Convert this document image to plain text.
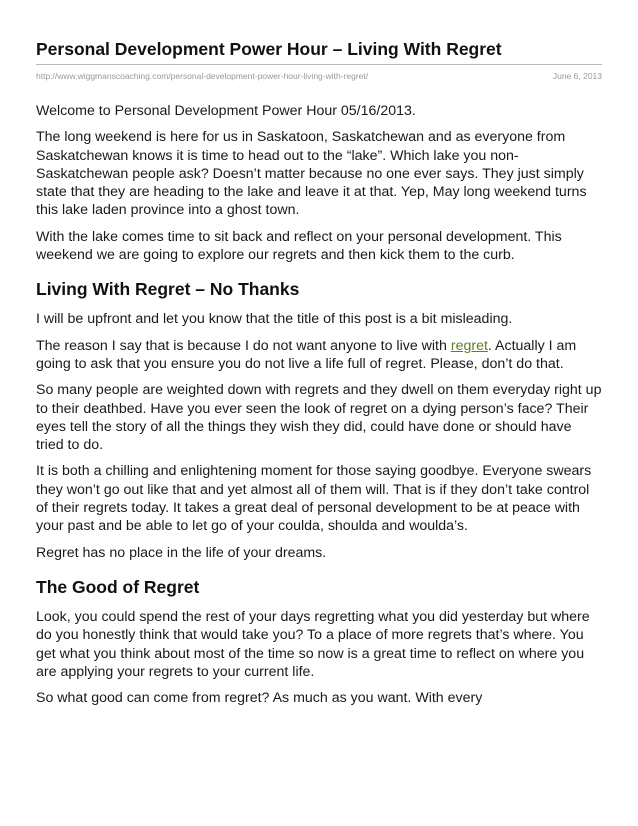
Personal Development Power Hour – Living With Regret
http://www.wiggmanscoaching.com/personal-development-power-hour-living-with-regret/	June 6, 2013

Welcome to Personal Development Power Hour 05/16/2013.

The long weekend is here for us in Saskatoon, Saskatchewan and as everyone from Saskatchewan knows it is time to head out to the “lake”. Which lake you non-Saskatchewan people ask? Doesn’t matter because no one ever says. They just simply state that they are heading to the lake and leave it at that. Yep, May long weekend turns this lake laden province into a ghost town.

With the lake comes time to sit back and reflect on your personal development. This weekend we are going to explore our regrets and then kick them to the curb.

Living With Regret – No Thanks

I will be upfront and let you know that the title of this post is a bit misleading.

The reason I say that is because I do not want anyone to live with regret. Actually I am going to ask that you ensure you do not live a life full of regret. Please, don’t do that.

So many people are weighted down with regrets and they dwell on them everyday right up to their deathbed. Have you ever seen the look of regret on a dying person’s face? Their eyes tell the story of all the things they wish they did, could have done or should have tried to do.

It is both a chilling and enlightening moment for those saying goodbye. Everyone swears they won’t go out like that and yet almost all of them will. That is if they don’t take control of their regrets today. It takes a great deal of personal development to be at peace with your past and be able to let go of your coulda, shoulda and woulda’s.

Regret has no place in the life of your dreams.

The Good of Regret

Look, you could spend the rest of your days regretting what you did yesterday but where do you honestly think that would take you? To a place of more regrets that’s where. You get what you think about most of the time so now is a great time to reflect on where you are applying your regrets to your current life.

So what good can come from regret? As much as you want. With every
